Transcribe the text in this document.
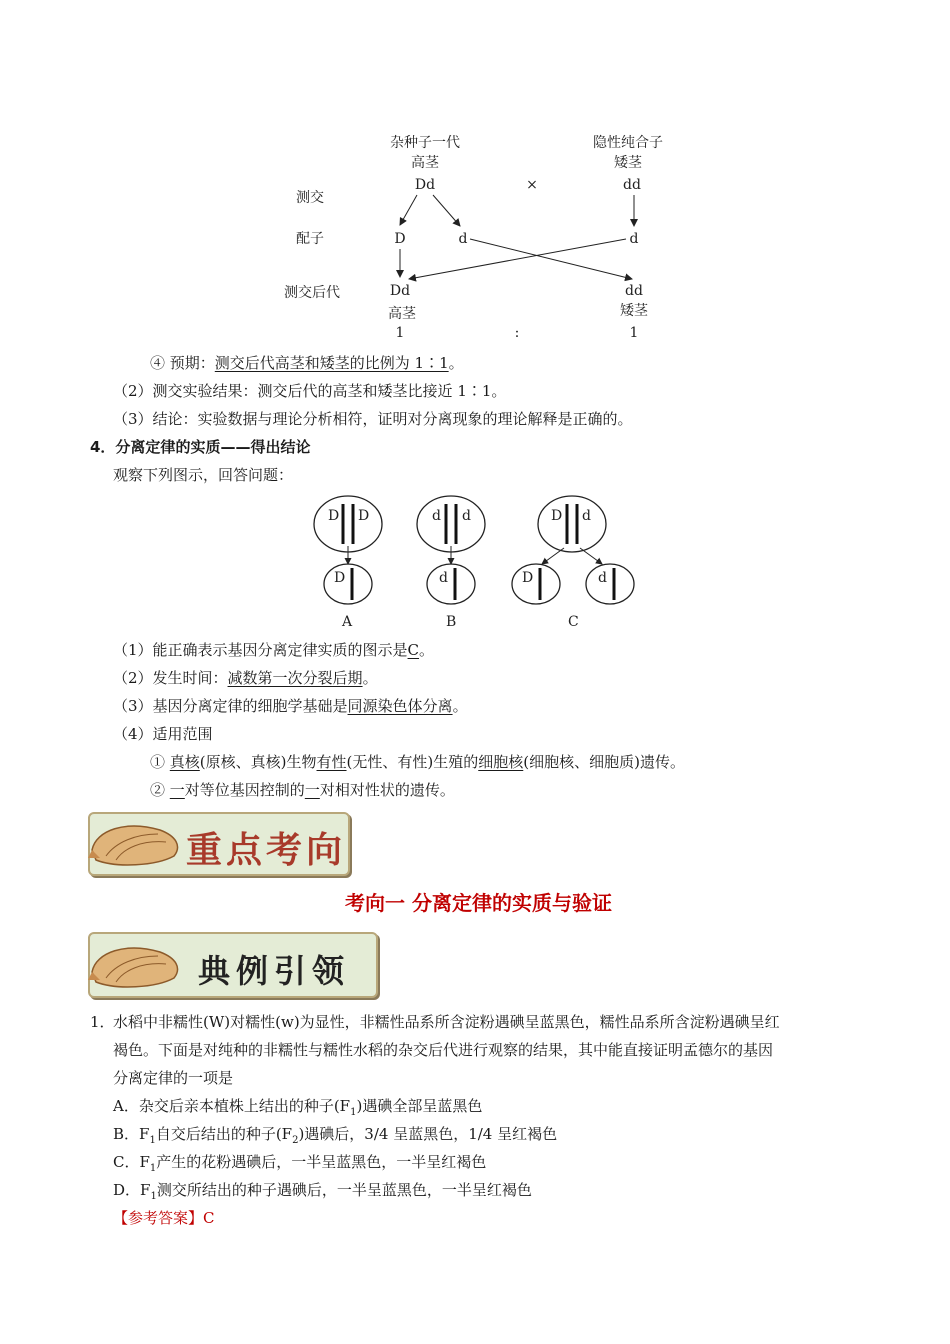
杂种子一代
高茎
Dd	×
隐性纯合子
矮茎
dd
测交
配子
测交后代
D	d	d
Dd
高茎
dd
矮茎
1	:	1
④ 预期：测交后代高茎和矮茎的比例为 1∶1。
（2）测交实验结果：测交后代的高茎和矮茎比接近 1∶1。
（3）结论：实验数据与理论分析相符，证明对分离现象的理论解释是正确的。
4．分离定律的实质——得出结论
观察下列图示，回答问题：
D D
D
A
d d
d
B
D d
D	d
C
（1）能正确表示基因分离定律实质的图示是C。
（2）发生时间：减数第一次分裂后期。
（3）基因分离定律的细胞学基础是同源染色体分离。
（4）适用范围
① 真核(原核、真核)生物有性(无性、有性)生殖的细胞核(细胞核、细胞质)遗传。
② 一对等位基因控制的一对相对性状的遗传。
重点考向
考向一 分离定律的实质与验证
典例引领
1．
水稻中非糯性(W)对糯性(w)为显性，非糯性品系所含淀粉遇碘呈蓝黑色，糯性品系所含淀粉遇碘呈红
褐色。下面是对纯种的非糯性与糯性水稻的杂交后代进行观察的结果，其中能直接证明孟德尔的基因
分离定律的一项是
A．杂交后亲本植株上结出的种子$(F_1)$遇碘全部呈蓝黑色
B．$F_1$自交后结出的种子$(F_2)$遇碘后，3/4 呈蓝黑色，1/4 呈红褐色
C．$F_1$产生的花粉遇碘后，一半呈蓝黑色，一半呈红褐色
D．$F_1$测交所结出的种子遇碘后，一半呈蓝黑色，一半呈红褐色
【参考答案】C
